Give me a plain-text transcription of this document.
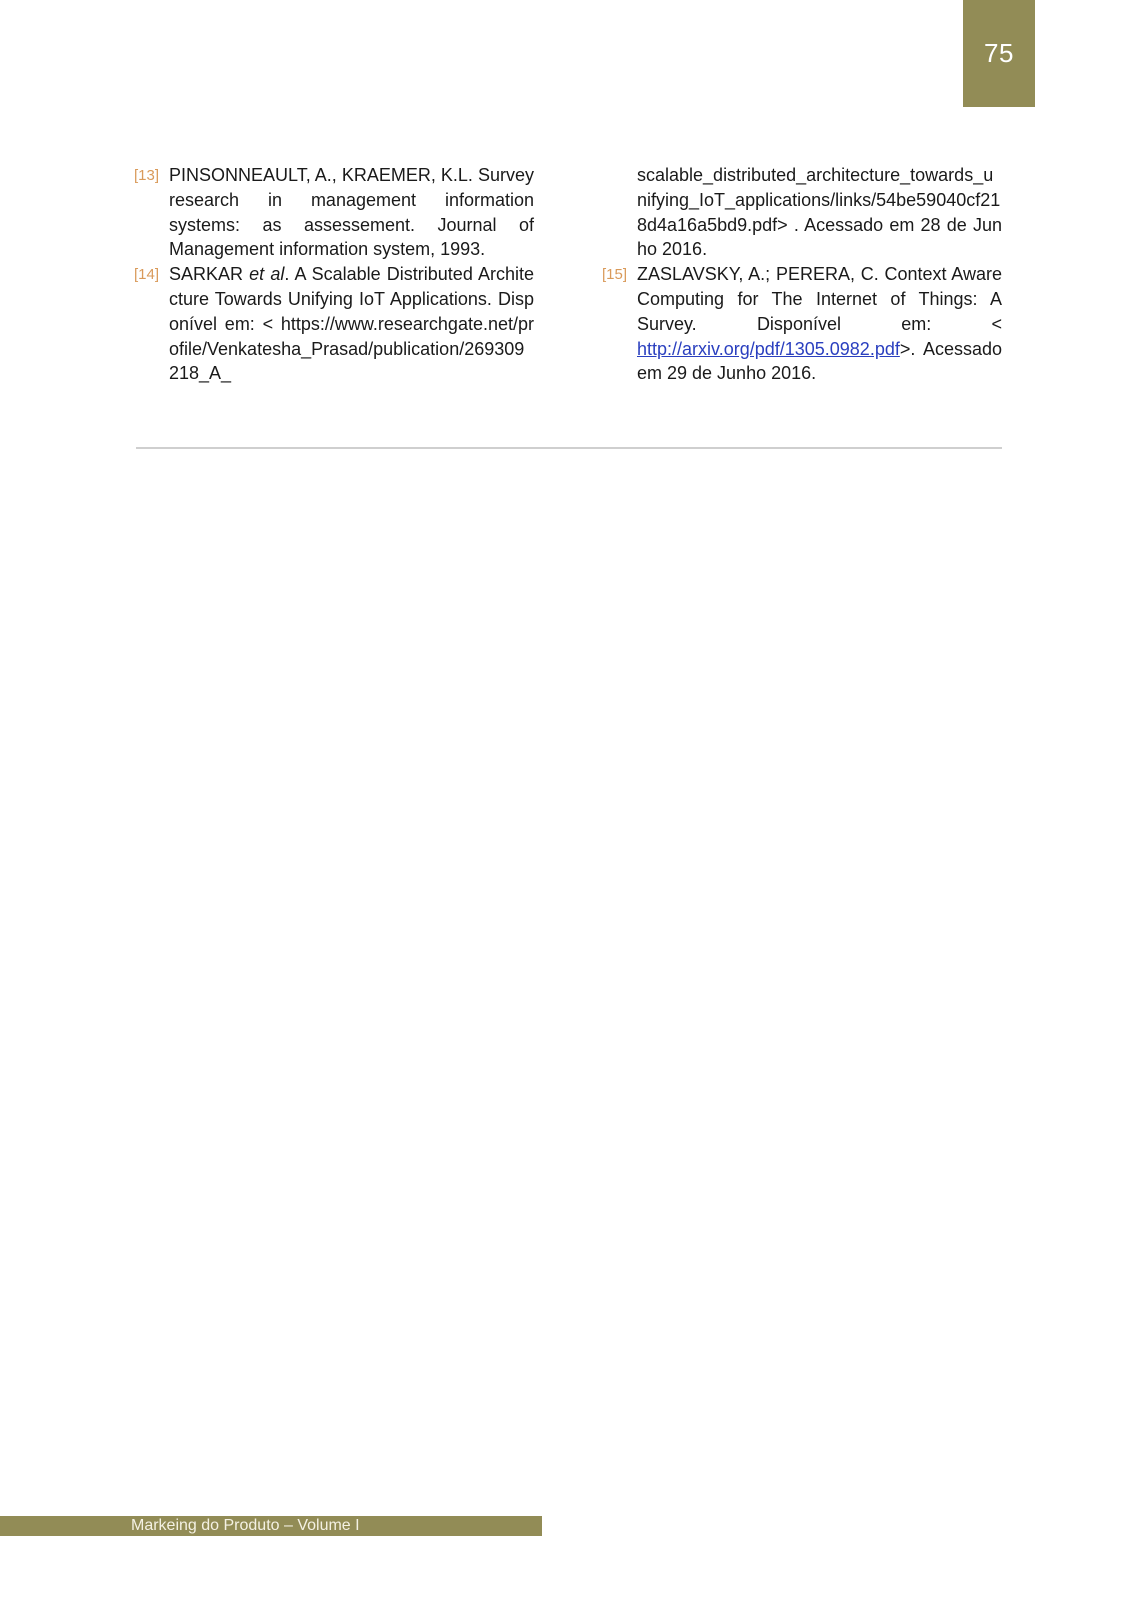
75
[13] PINSONNEAULT, A., KRAEMER, K.L. Survey research in management information systems: as assessement. Journal of Management information system, 1993.
[14] SARKAR et al. A Scalable Distributed Architecture Towards Unifying IoT Applications. Disponível em: < https://www.researchgate.net/profile/Venkatesha_Prasad/publication/269309218_A_
scalable_distributed_architecture_towards_unifying_IoT_applications/links/54be59040cf218d4a16a5bd9.pdf> . Acessado em 28 de Junho 2016.
[15] ZASLAVSKY, A.; PERERA, C. Context Aware Computing for The Internet of Things: A Survey. Disponível em: < http://arxiv.org/pdf/1305.0982.pdf>. Acessado em 29 de Junho 2016.
Markeing do Produto – Volume I
